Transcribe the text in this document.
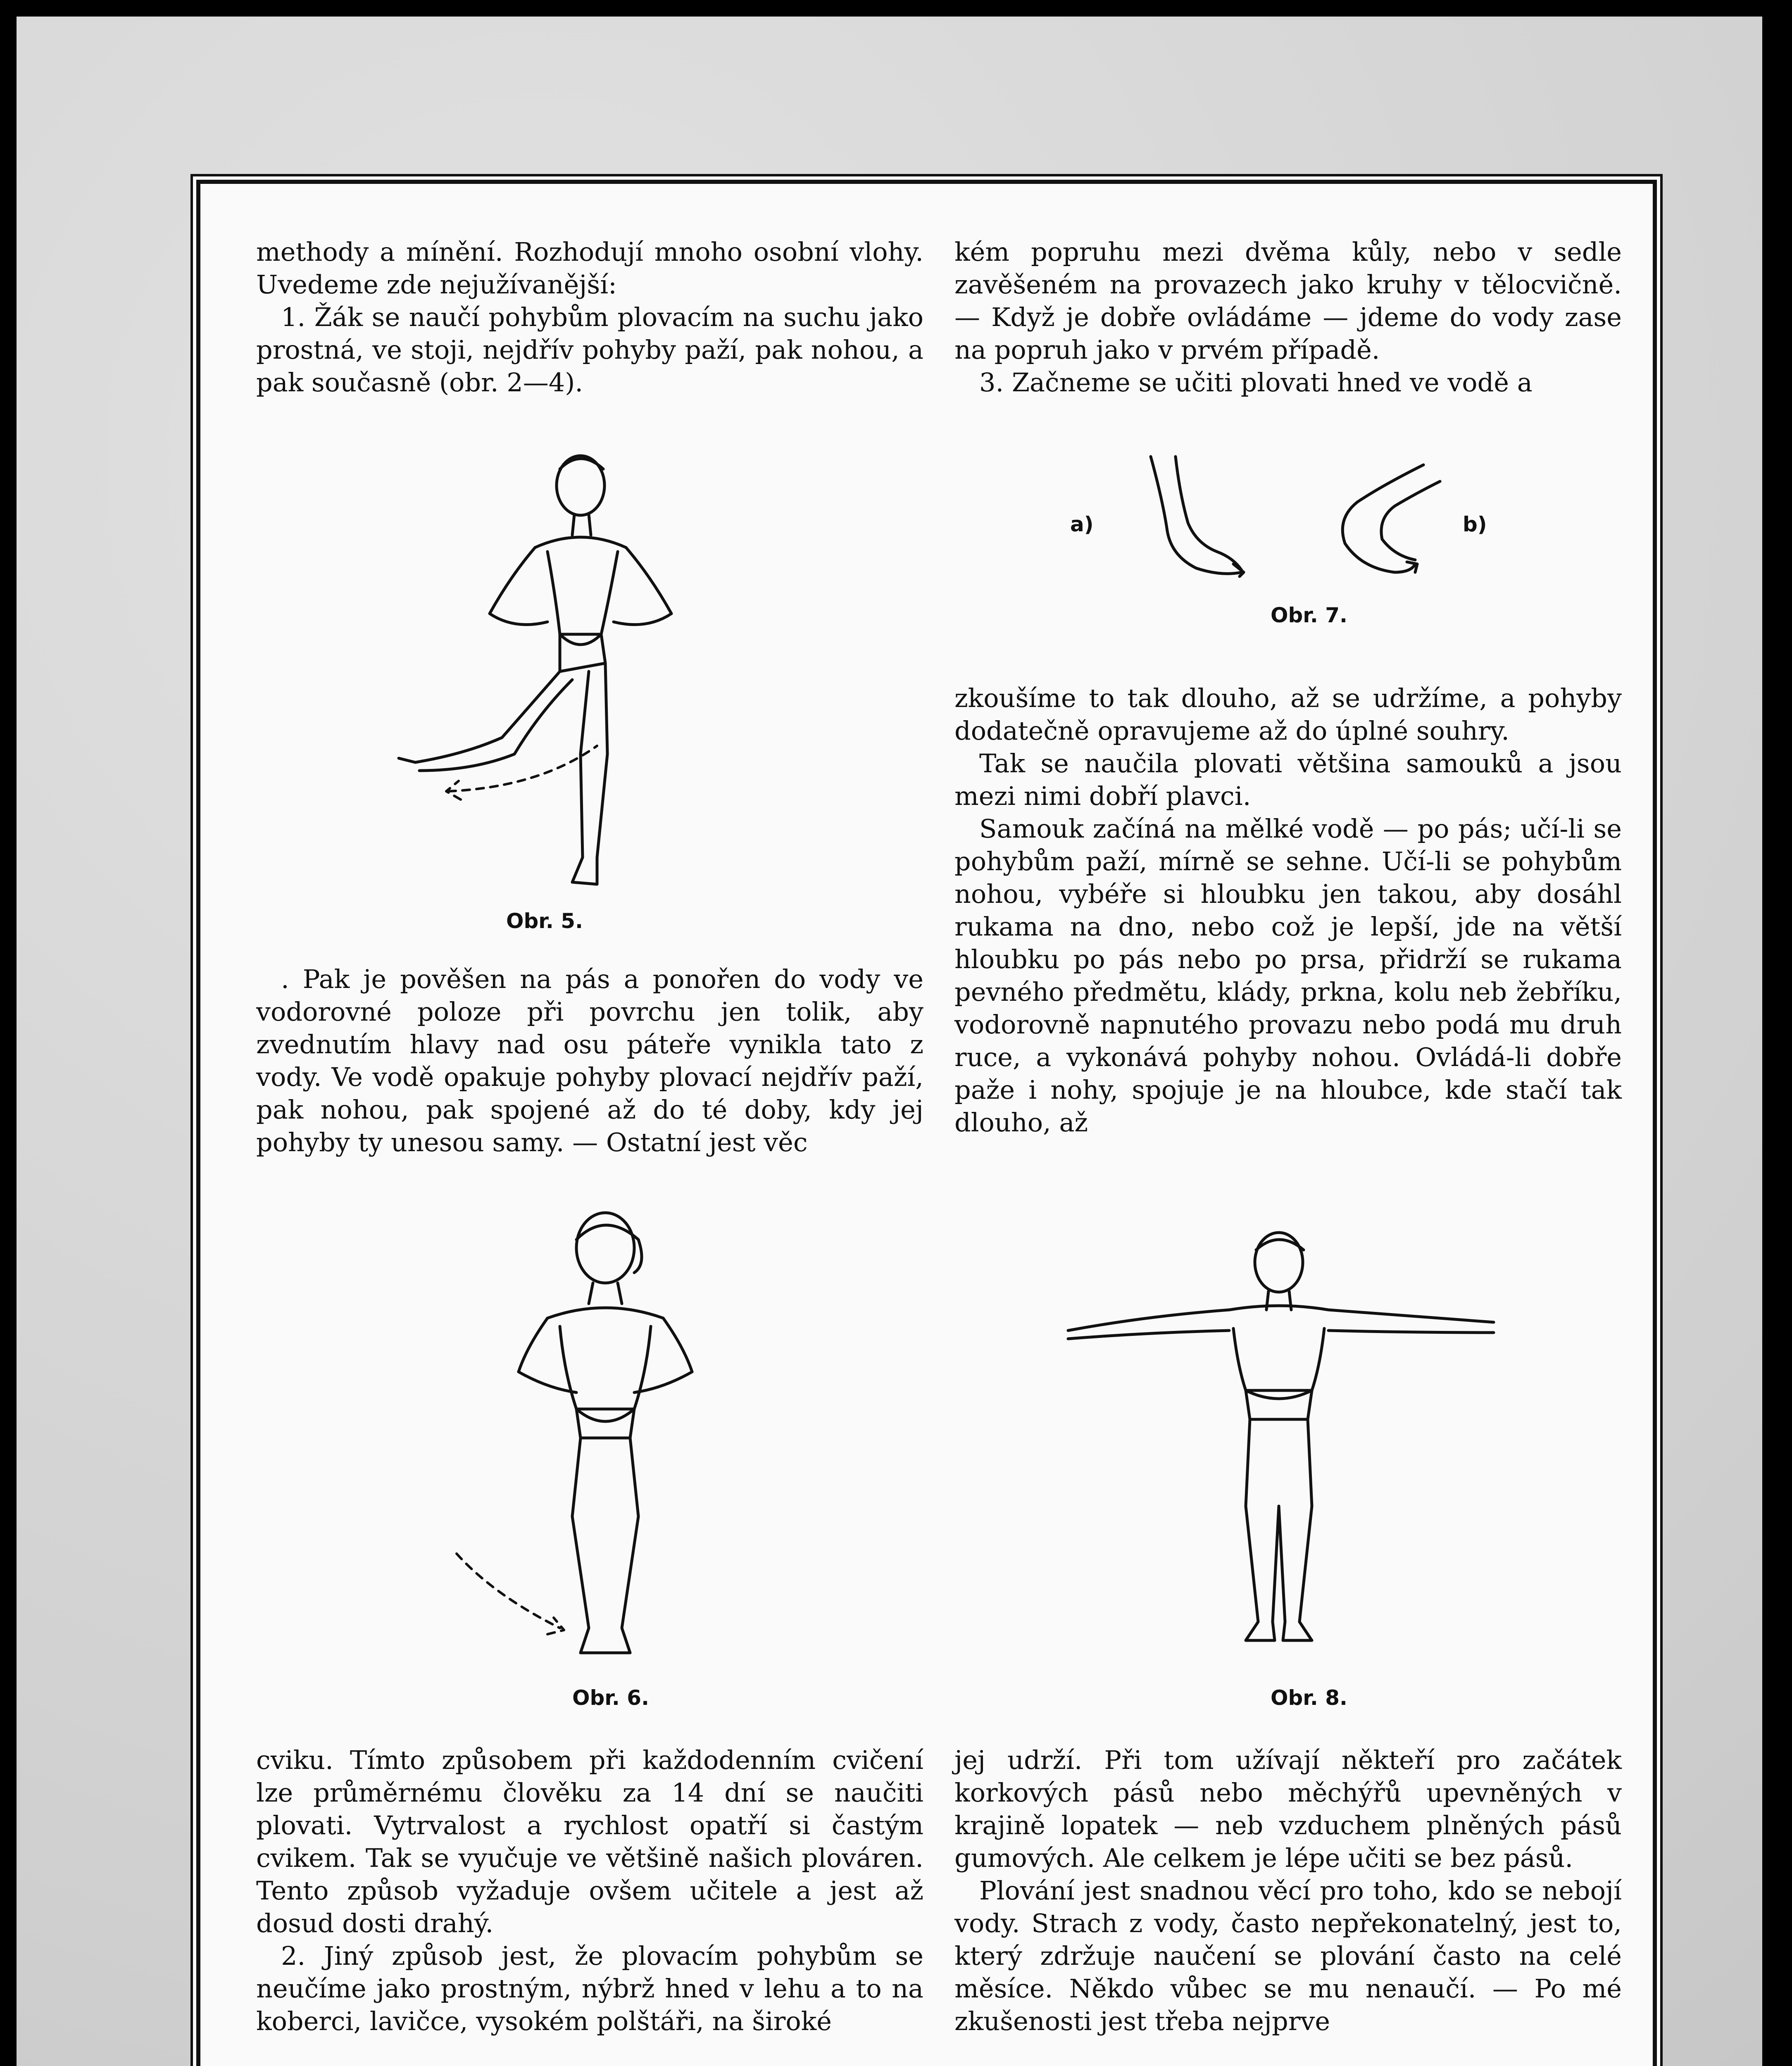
methody a mínění. Rozhodují mnoho osobní vlohy. Uvedeme zde nejužívanější:

1. Žák se naučí pohybům plovacím na suchu jako prostná, ve stoji, nejdřív pohyby paží, pak nohou, a pak současně (obr. 2—4).

Obr. 5.

. Pak je pověšen na pás a ponořen do vody ve vodorovné poloze při povrchu jen tolik, aby zvednutím hlavy nad osu páteře vynikla tato z vody. Ve vodě opakuje pohyby plovací nejdřív paží, pak nohou, pak spojené až do té doby, kdy jej pohyby ty unesou samy. — Ostatní jest věc

Obr. 6.

cviku. Tímto způsobem při každodenním cvičení lze průměrnému člověku za 14 dní se naučiti plovati. Vytrvalost a rychlost opatří si častým cvikem. Tak se vyučuje ve většině našich plováren. Tento způsob vyžaduje ovšem učitele a jest až dosud dosti drahý.

2. Jiný způsob jest, že plovacím pohybům se neučíme jako prostným, nýbrž hned v lehu a to na koberci, lavičce, vysokém polštáři, na široké

kém popruhu mezi dvěma kůly, nebo v sedle zavěšeném na provazech jako kruhy v tělocvičně. — Když je dobře ovládáme — jdeme do vody zase na popruh jako v prvém případě.

3. Začneme se učiti plovati hned ve vodě a

a)	b)
Obr. 7.

zkoušíme to tak dlouho, až se udržíme, a pohyby dodatečně opravujeme až do úplné souhry.

Tak se naučila plovati většina samouků a jsou mezi nimi dobří plavci.

Samouk začíná na mělké vodě — po pás; učí-li se pohybům paží, mírně se sehne. Učí-li se pohybům nohou, vybéře si hloubku jen takou, aby dosáhl rukama na dno, nebo což je lepší, jde na větší hloubku po pás nebo po prsa, přidrží se rukama pevného předmětu, klády, prkna, kolu neb žebříku, vodorovně napnutého provazu nebo podá mu druh ruce, a vykonává pohyby nohou. Ovládá-li dobře paže i nohy, spojuje je na hloubce, kde stačí tak dlouho, až

Obr. 8.

jej udrží. Při tom užívají někteří pro začátek korkových pásů nebo měchýřů upevněných v krajině lopatek — neb vzduchem plněných pásů gumových. Ale celkem je lépe učiti se bez pásů.

Plování jest snadnou věcí pro toho, kdo se nebojí vody. Strach z vody, často nepřekonatelný, jest to, který zdržuje naučení se plování často na celé měsíce. Někdo vůbec se mu nenaučí. — Po mé zkušenosti jest třeba nejprve
